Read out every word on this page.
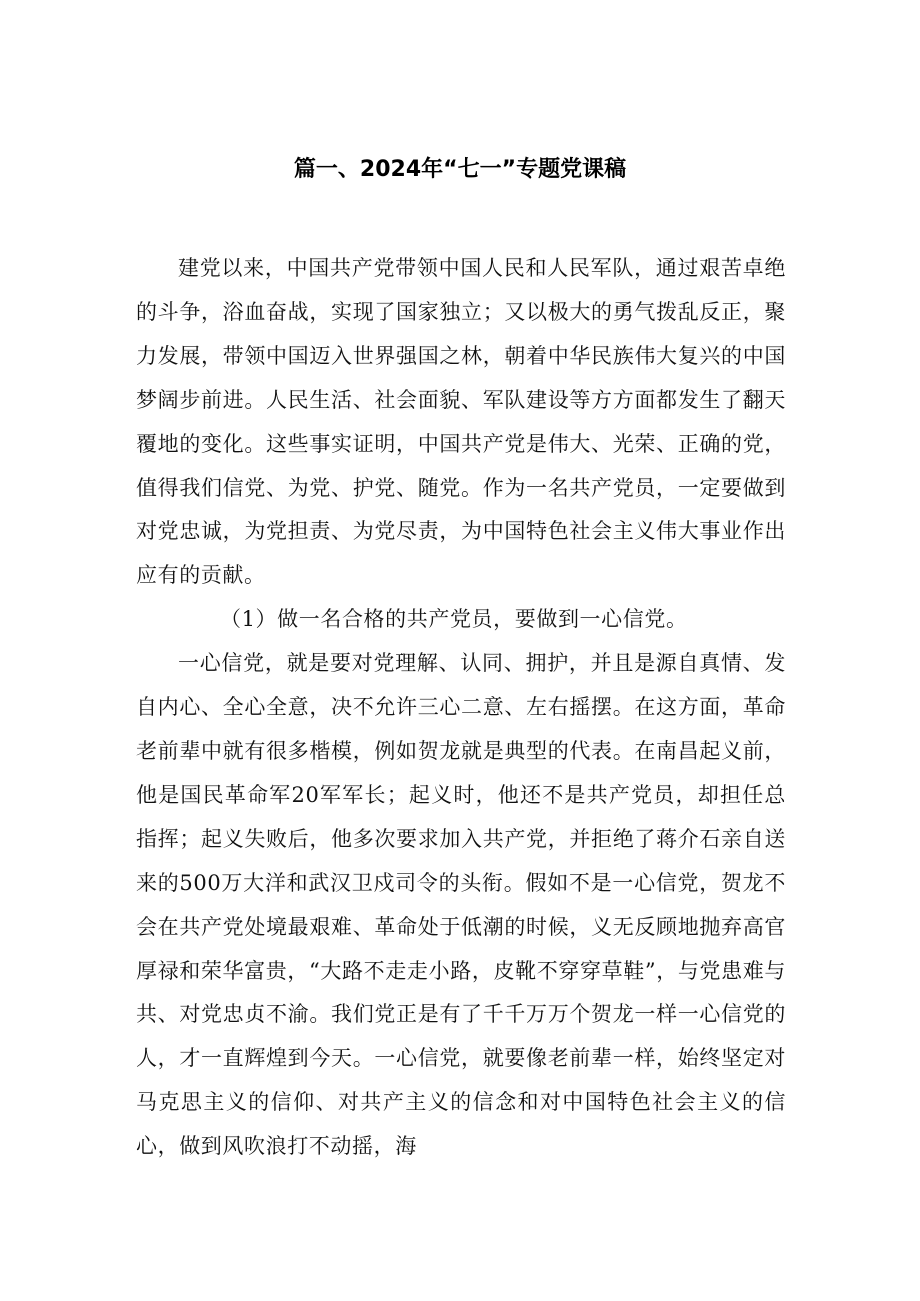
篇一、2024年“七一”专题党课稿

建党以来，中国共产党带领中国人民和人民军队，通过艰苦卓绝的斗争，浴血奋战，实现了国家独立；又以极大的勇气拨乱反正，聚力发展，带领中国迈入世界强国之林，朝着中华民族伟大复兴的中国梦阔步前进。人民生活、社会面貌、军队建设等方方面都发生了翻天覆地的变化。这些事实证明，中国共产党是伟大、光荣、正确的党，值得我们信党、为党、护党、随党。作为一名共产党员，一定要做到对党忠诚，为党担责、为党尽责，为中国特色社会主义伟大事业作出应有的贡献。

（1）做一名合格的共产党员，要做到一心信党。

一心信党，就是要对党理解、认同、拥护，并且是源自真情、发自内心、全心全意，决不允许三心二意、左右摇摆。在这方面，革命老前辈中就有很多楷模，例如贺龙就是典型的代表。在南昌起义前，他是国民革命军20军军长；起义时，他还不是共产党员，却担任总指挥；起义失败后，他多次要求加入共产党，并拒绝了蒋介石亲自送来的500万大洋和武汉卫戍司令的头衔。假如不是一心信党，贺龙不会在共产党处境最艰难、革命处于低潮的时候，义无反顾地抛弃高官厚禄和荣华富贵，“大路不走走小路，皮靴不穿穿草鞋”，与党患难与共、对党忠贞不渝。我们党正是有了千千万万个贺龙一样一心信党的人，才一直辉煌到今天。一心信党，就要像老前辈一样，始终坚定对马克思主义的信仰、对共产主义的信念和对中国特色社会主义的信心，做到风吹浪打不动摇，海
